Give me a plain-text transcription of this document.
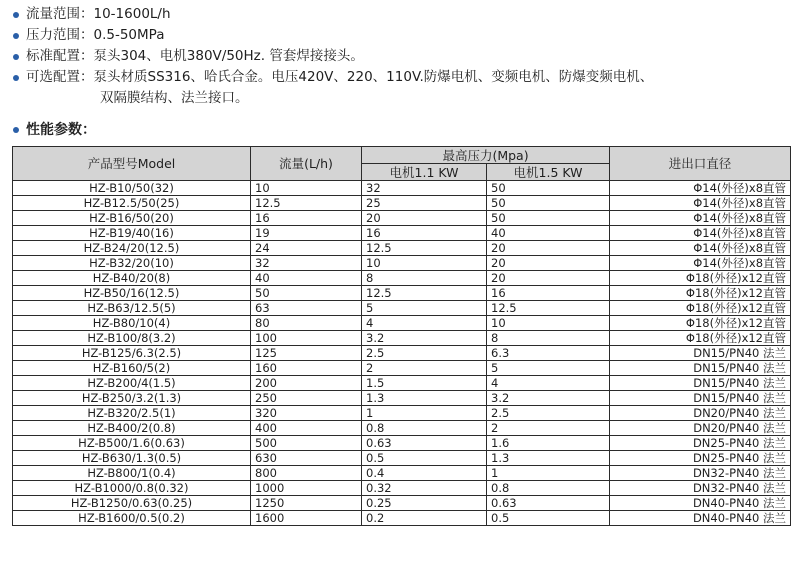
流量范围：10-1600L/h
压力范围：0.5-50MPa
标准配置：泵头304、电机380V/50Hz. 管套焊接接头。
可选配置：泵头材质SS316、哈氏合金。电压420V、220、110V.防爆电机、变频电机、防爆变频电机、
双隔膜结构、法兰接口。
性能参数：
产品型号Model	流量(L/h)	最高压力(Mpa)		进出口直径
		电机1.1 KW	电机1.5 KW	
HZ-B10/50(32)	10	32	50	Φ14(外径)x8直管
HZ-B12.5/50(25)	12.5	25	50	Φ14(外径)x8直管
HZ-B16/50(20)	16	20	50	Φ14(外径)x8直管
HZ-B19/40(16)	19	16	40	Φ14(外径)x8直管
HZ-B24/20(12.5)	24	12.5	20	Φ14(外径)x8直管
HZ-B32/20(10)	32	10	20	Φ14(外径)x8直管
HZ-B40/20(8)	40	8	20	Φ18(外径)x12直管
HZ-B50/16(12.5)	50	12.5	16	Φ18(外径)x12直管
HZ-B63/12.5(5)	63	5	12.5	Φ18(外径)x12直管
HZ-B80/10(4)	80	4	10	Φ18(外径)x12直管
HZ-B100/8(3.2)	100	3.2	8	Φ18(外径)x12直管
HZ-B125/6.3(2.5)	125	2.5	6.3	DN15/PN40 法兰
HZ-B160/5(2)	160	2	5	DN15/PN40 法兰
HZ-B200/4(1.5)	200	1.5	4	DN15/PN40 法兰
HZ-B250/3.2(1.3)	250	1.3	3.2	DN15/PN40 法兰
HZ-B320/2.5(1)	320	1	2.5	DN20/PN40 法兰
HZ-B400/2(0.8)	400	0.8	2	DN20/PN40 法兰
HZ-B500/1.6(0.63)	500	0.63	1.6	DN25-PN40 法兰
HZ-B630/1.3(0.5)	630	0.5	1.3	DN25-PN40 法兰
HZ-B800/1(0.4)	800	0.4	1	DN32-PN40 法兰
HZ-B1000/0.8(0.32)	1000	0.32	0.8	DN32-PN40 法兰
HZ-B1250/0.63(0.25)	1250	0.25	0.63	DN40-PN40 法兰
HZ-B1600/0.5(0.2)	1600	0.2	0.5	DN40-PN40 法兰
